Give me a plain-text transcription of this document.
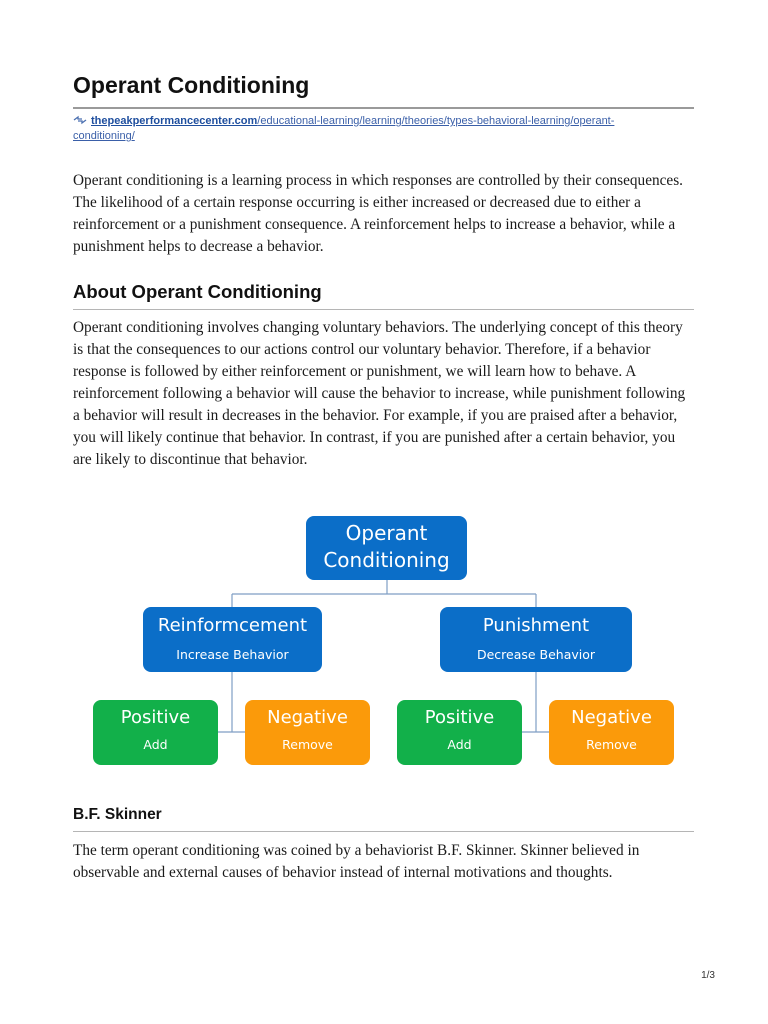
Operant Conditioning
thepeakperformancecenter.com/educational-learning/learning/theories/types-behavioral-learning/operant-
conditioning/

Operant conditioning is a learning process in which responses are controlled by their consequences. The likelihood of a certain response occurring is either increased or decreased due to either a reinforcement or a punishment consequence. A reinforcement helps to increase a behavior, while a punishment helps to decrease a behavior.

About Operant Conditioning

Operant conditioning involves changing voluntary behaviors. The underlying concept of this theory is that the consequences to our actions control our voluntary behavior. Therefore, if a behavior response is followed by either reinforcement or punishment, we will learn how to behave. A reinforcement following a behavior will cause the behavior to increase, while punishment following a behavior will result in decreases in the behavior. For example, if you are praised after a behavior, you will likely continue that behavior. In contrast, if you are punished after a certain behavior, you are likely to discontinue that behavior.

Operant
Conditioning
Reinformcement
Increase Behavior
Punishment
Decrease Behavior
Positive
Add
Negative
Remove
Positive
Add
Negative
Remove
B.F. Skinner

The term operant conditioning was coined by a behaviorist B.F. Skinner. Skinner believed in observable and external causes of behavior instead of internal motivations and thoughts.

1/3
